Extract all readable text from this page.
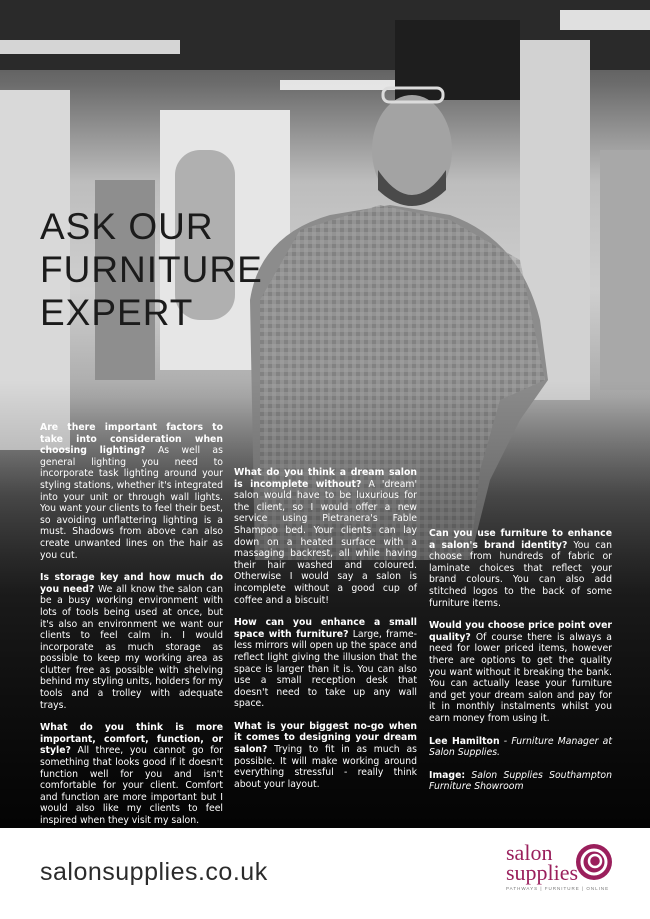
ASK OUR
FURNITURE
EXPERT
Are there important factors to take into consideration when choosing lighting? As well as general lighting you need to incorporate task lighting around your styling stations, whether it's integrated into your unit or through wall lights. You want your clients to feel their best, so avoiding unflattering lighting is a must. Shadows from above can also create unwanted lines on the hair as you cut.
Is storage key and how much do you need? We all know the salon can be a busy working environment with lots of tools being used at once, but it's also an environment we want our clients to feel calm in. I would incorporate as much storage as possible to keep my working area as clutter free as possible with shelving behind my styling units, holders for my tools and a trolley with adequate trays.
What do you think is more important, comfort, function, or style? All three, you cannot go for something that looks good if it doesn't function well for you and isn't comfortable for your client. Comfort and function are more important but I would also like my clients to feel inspired when they visit my salon.
What do you think a dream salon is incomplete without? A 'dream' salon would have to be luxurious for the client, so I would offer a new service using Pietranera's Fable Shampoo bed. Your clients can lay down on a heated surface with a massaging backrest, all while having their hair washed and coloured. Otherwise I would say a salon is incomplete without a good cup of coffee and a biscuit!
How can you enhance a small space with furniture? Large, frame-less mirrors will open up the space and reflect light giving the illusion that the space is larger than it is. You can also use a small reception desk that doesn't need to take up any wall space.
What is your biggest no-go when it comes to designing your dream salon? Trying to fit in as much as possible. It will make working around everything stressful - really think about your layout.
Can you use furniture to enhance a salon's brand identity? You can choose from hundreds of fabric or laminate choices that reflect your brand colours. You can also add stitched logos to the back of some furniture items.
Would you choose price point over quality? Of course there is always a need for lower priced items, however there are options to get the quality you want without it breaking the bank. You can actually lease your furniture and get your dream salon and pay for it in monthly instalments whilst you earn money from using it.
Lee Hamilton - Furniture Manager at Salon Supplies.
Image: Salon Supplies Southampton Furniture Showroom
salonsupplies.co.uk
salon
supplies
PATHWAYS | FURNITURE | ONLINE
